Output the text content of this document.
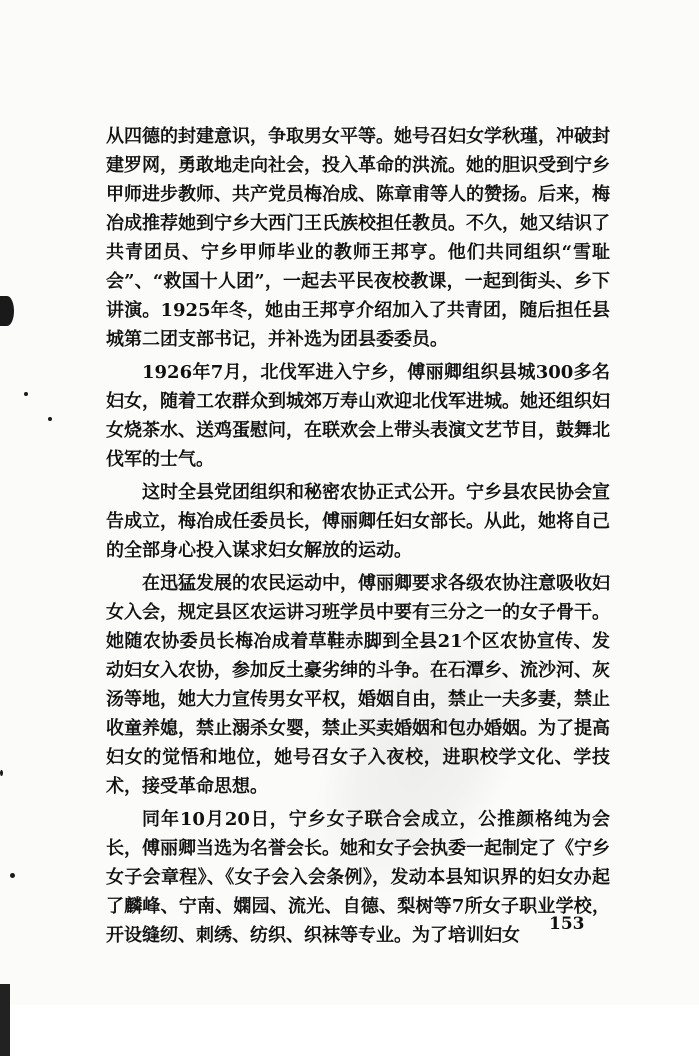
从四德的封建意识，争取男女平等。她号召妇女学秋瑾，冲破封建罗网，勇敢地走向社会，投入革命的洪流。她的胆识受到宁乡甲师进步教师、共产党员梅冶成、陈章甫等人的赞扬。后来，梅冶成推荐她到宁乡大西门王氏族校担任教员。不久，她又结识了共青团员、宁乡甲师毕业的教师王邦亨。他们共同组织“雪耻会”、“救国十人团”，一起去平民夜校教课，一起到街头、乡下讲演。1925年冬，她由王邦亨介绍加入了共青团，随后担任县城第二团支部书记，并补选为团县委委员。

1926年7月，北伐军进入宁乡，傅丽卿组织县城300多名妇女，随着工农群众到城郊万寿山欢迎北伐军进城。她还组织妇女烧茶水、送鸡蛋慰问，在联欢会上带头表演文艺节目，鼓舞北伐军的士气。

这时全县党团组织和秘密农协正式公开。宁乡县农民协会宣告成立，梅冶成任委员长，傅丽卿任妇女部长。从此，她将自己的全部身心投入谋求妇女解放的运动。

在迅猛发展的农民运动中，傅丽卿要求各级农协注意吸收妇女入会，规定县区农运讲习班学员中要有三分之一的女子骨干。她随农协委员长梅冶成着草鞋赤脚到全县21个区农协宣传、发动妇女入农协，参加反土豪劣绅的斗争。在石潭乡、流沙河、灰汤等地，她大力宣传男女平权，婚姻自由，禁止一夫多妻，禁止收童养媳，禁止溺杀女婴，禁止买卖婚姻和包办婚姻。为了提高妇女的觉悟和地位，她号召女子入夜校，进职校学文化、学技术，接受革命思想。

同年10月20日，宁乡女子联合会成立，公推颜格纯为会长，傅丽卿当选为名誉会长。她和女子会执委一起制定了《宁乡女子会章程》、《女子会入会条例》，发动本县知识界的妇女办起了麟峰、宁南、嫻园、流光、自德、梨树等7所女子职业学校，开设缝纫、刺绣、纺织、织袜等专业。为了培训妇女

153
